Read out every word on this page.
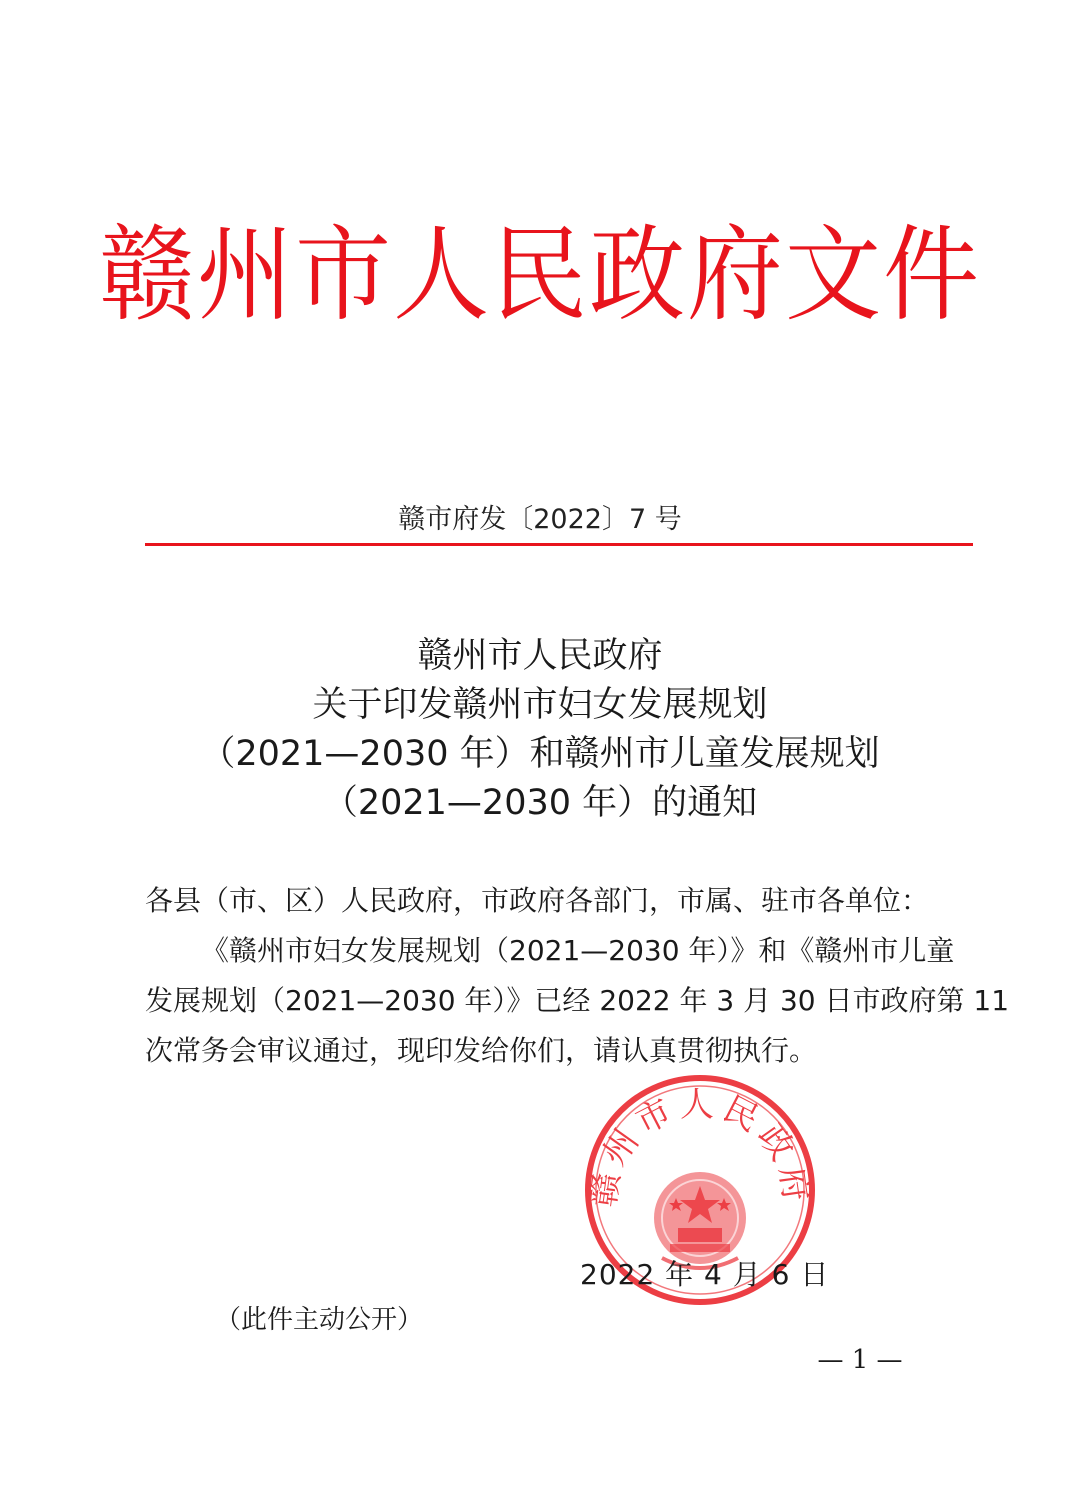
赣州市人民政府文件
赣市府发〔2022〕7 号
赣州市人民政府
关于印发赣州市妇女发展规划
（2021—2030 年）和赣州市儿童发展规划
（2021—2030 年）的通知
各县（市、区）人民政府，市政府各部门，市属、驻市各单位：
《赣州市妇女发展规划（2021—2030 年）》和《赣州市儿童
发展规划（2021—2030 年）》已经 2022 年 3 月 30 日市政府第 11
次常务会审议通过，现印发给你们，请认真贯彻执行。
赣州市人民政府
2022 年 4 月 6 日
（此件主动公开）
— 1 —
